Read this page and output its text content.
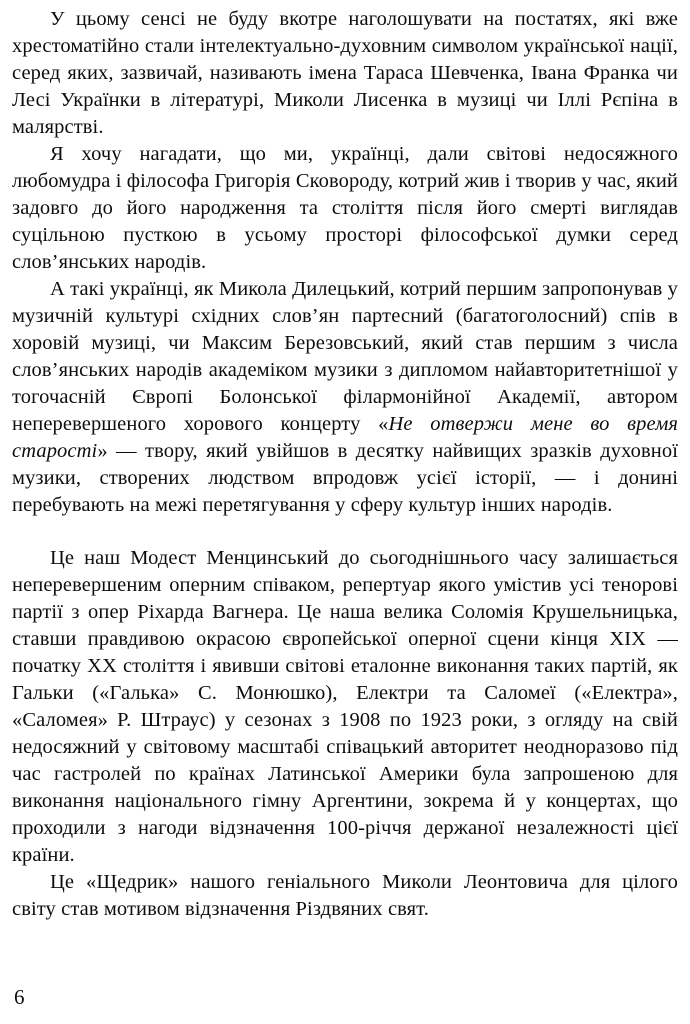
У цьому сенсі не буду вкотре наголошувати на постатях, які вже хрестоматійно стали інтелектуально-духовним символом української нації, серед яких, зазвичай, називають імена Тараса Шевченка, Івана Франка чи Лесі Українки в літературі, Миколи Лисенка в музиці чи Іллі Рєпіна в малярстві.

Я хочу нагадати, що ми, українці, дали світові недосяжного любомудра і філософа Григорія Сковороду, котрий жив і творив у час, який задовго до його народження та століття після його смерті виглядав суцільною пусткою в усьому просторі філософської думки серед слов’янських народів.

А такі українці, як Микола Дилецький, котрий першим запропонував у музичній культурі східних слов’ян партесний (багатоголосний) спів в хоровій музиці, чи Максим Березовський, який став першим з числа слов’янських народів академіком музики з дипломом найавторитетнішої у тогочасній Європі Болонської філармонійної Академії, автором неперевершеного хорового концерту «Не отвержи мене во время старості» — твору, який увійшов в десятку найвищих зразків духовної музики, створених людством впродовж усієї історії, — і донині перебувають на межі перетягування у сферу культур інших народів.

Це наш Модест Менцинський до сьогоднішнього часу залишається неперевершеним оперним співаком, репертуар якого умістив усі тенорові партії з опер Ріхарда Вагнера. Це наша велика Соломія Крушельницька, ставши правдивою окрасою європейської оперної сцени кінця XIX — початку XX століття і явивши світові еталонне виконання таких партій, як Гальки («Галька» С. Монюшко), Електри та Саломеї («Електра», «Саломея» Р. Штраус) у сезонах з 1908 по 1923 роки, з огляду на свій недосяжний у світовому масштабі співацький авторитет неодноразово під час гастролей по країнах Латинської Америки була запрошеною для виконання національного гімну Аргентини, зокрема й у концертах, що проходили з нагоди відзначення 100-річчя держаної незалежності цієї країни.

Це «Щедрик» нашого геніального Миколи Леонтовича для цілого світу став мотивом відзначення Різдвяних свят.

6
